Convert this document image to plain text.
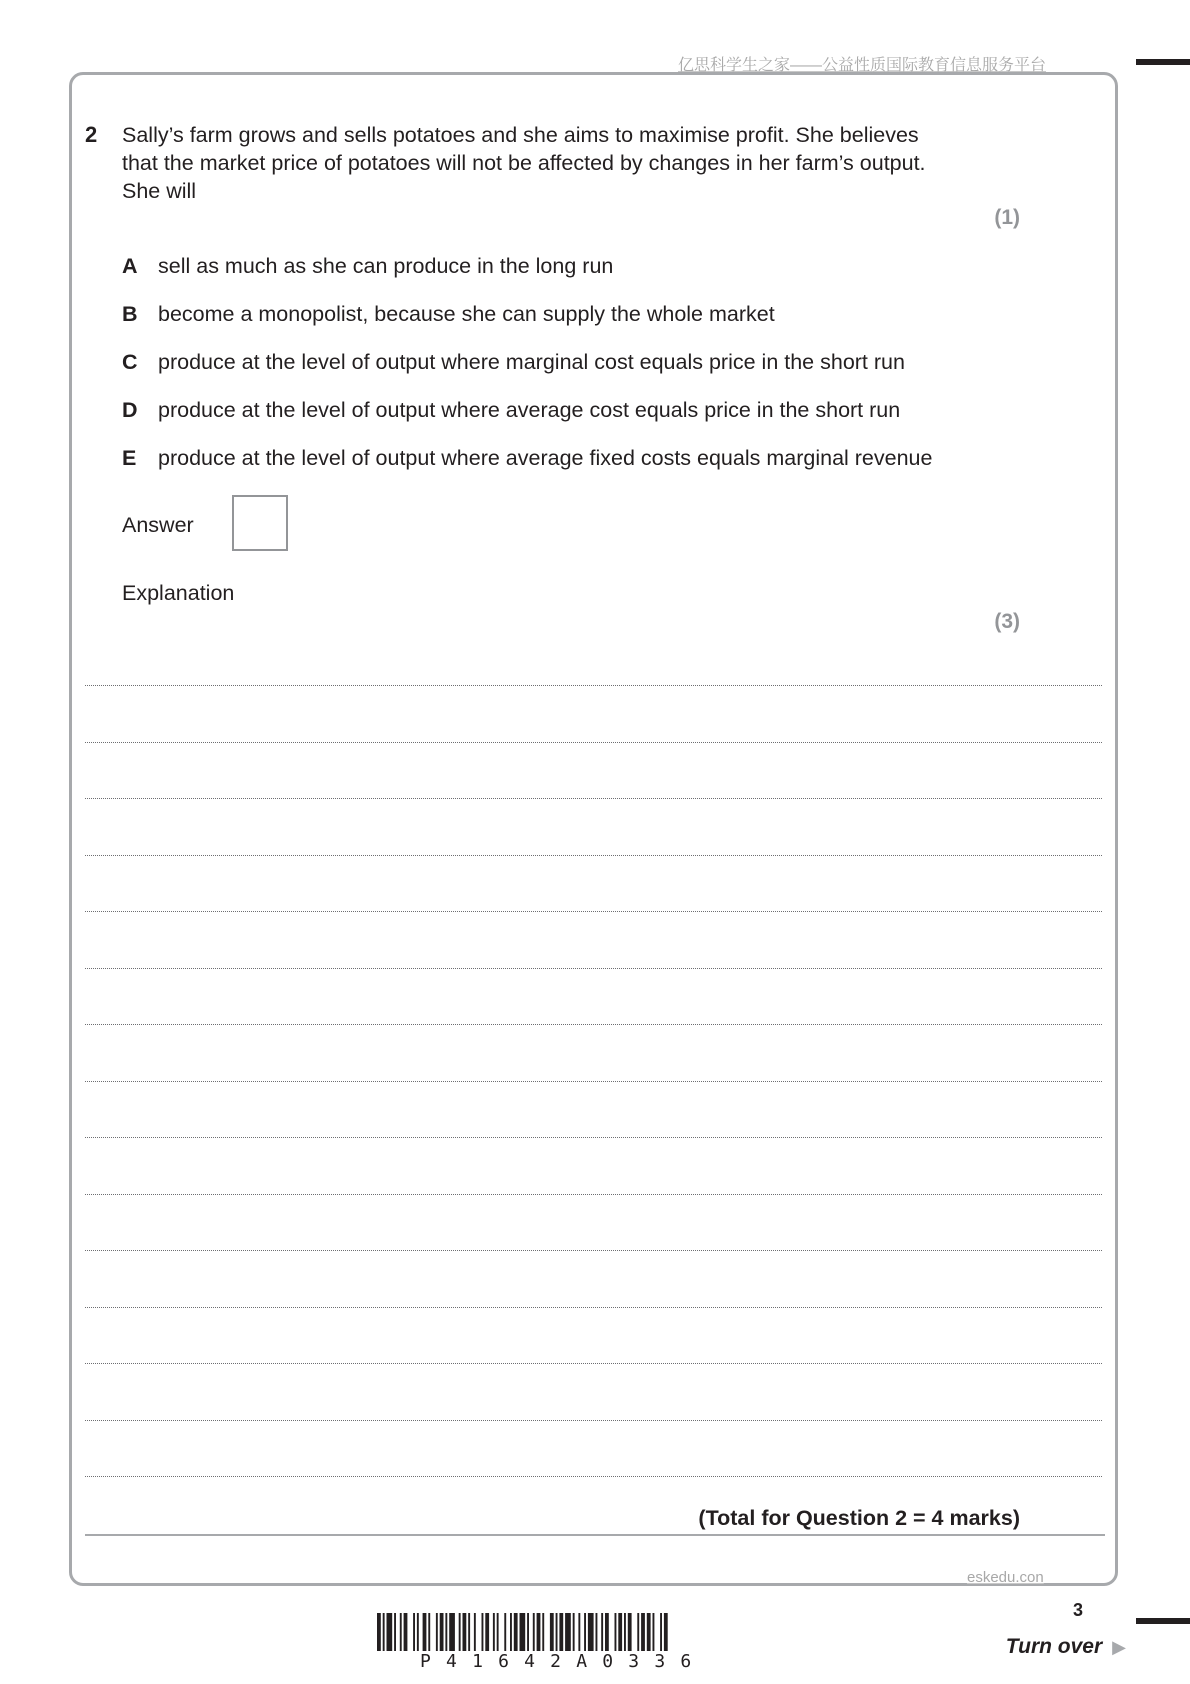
亿思科学生之家——公益性质国际教育信息服务平台
2 Sally’s farm grows and sells potatoes and she aims to maximise profit. She believes
that the market price of potatoes will not be affected by changes in her farm’s output.
She will
(1)
A sell as much as she can produce in the long run
B become a monopolist, because she can supply the whole market
C produce at the level of output where marginal cost equals price in the short run
D produce at the level of output where average cost equals price in the short run
E produce at the level of output where average fixed costs equals marginal revenue
Answer
Explanation
(3)
(Total for Question 2 = 4 marks)
eskedu.con
3
P41642A0336
Turn over ▶
